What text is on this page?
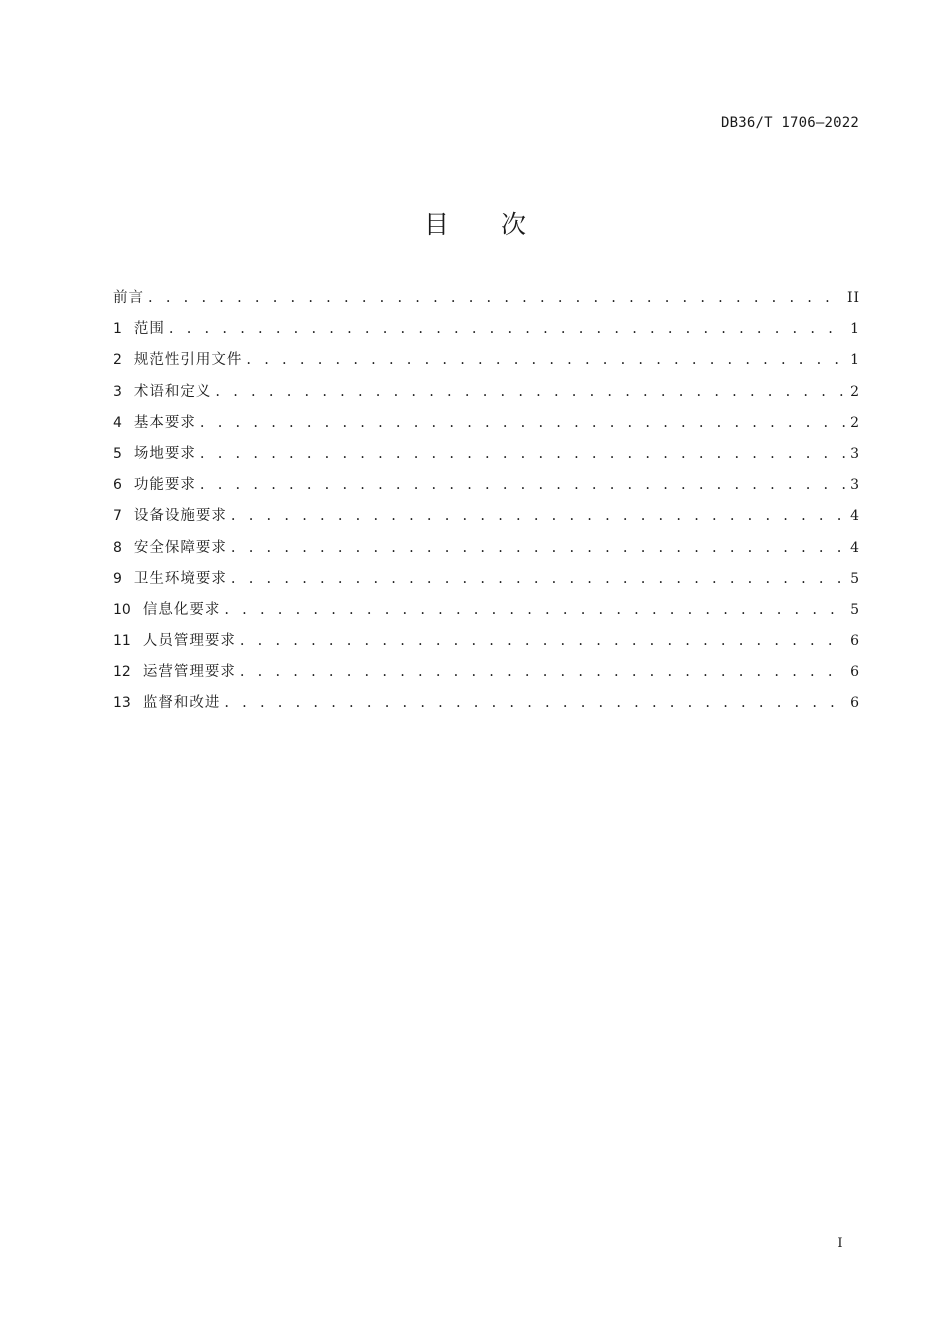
DB36/T 1706—2022
目 次
前言 . . .	II
1 范围 . . .	1
2 规范性引用文件 . . .	1
3 术语和定义 . . .	2
4 基本要求 . . .	2
5 场地要求 . . .	3
6 功能要求 . . .	3
7 设备设施要求 . . .	4
8 安全保障要求 . . .	4
9 卫生环境要求 . . .	5
10 信息化要求 . . .	5
11 人员管理要求 . . .	6
12 运营管理要求 . . .	6
13 监督和改进 . . .	6
I
